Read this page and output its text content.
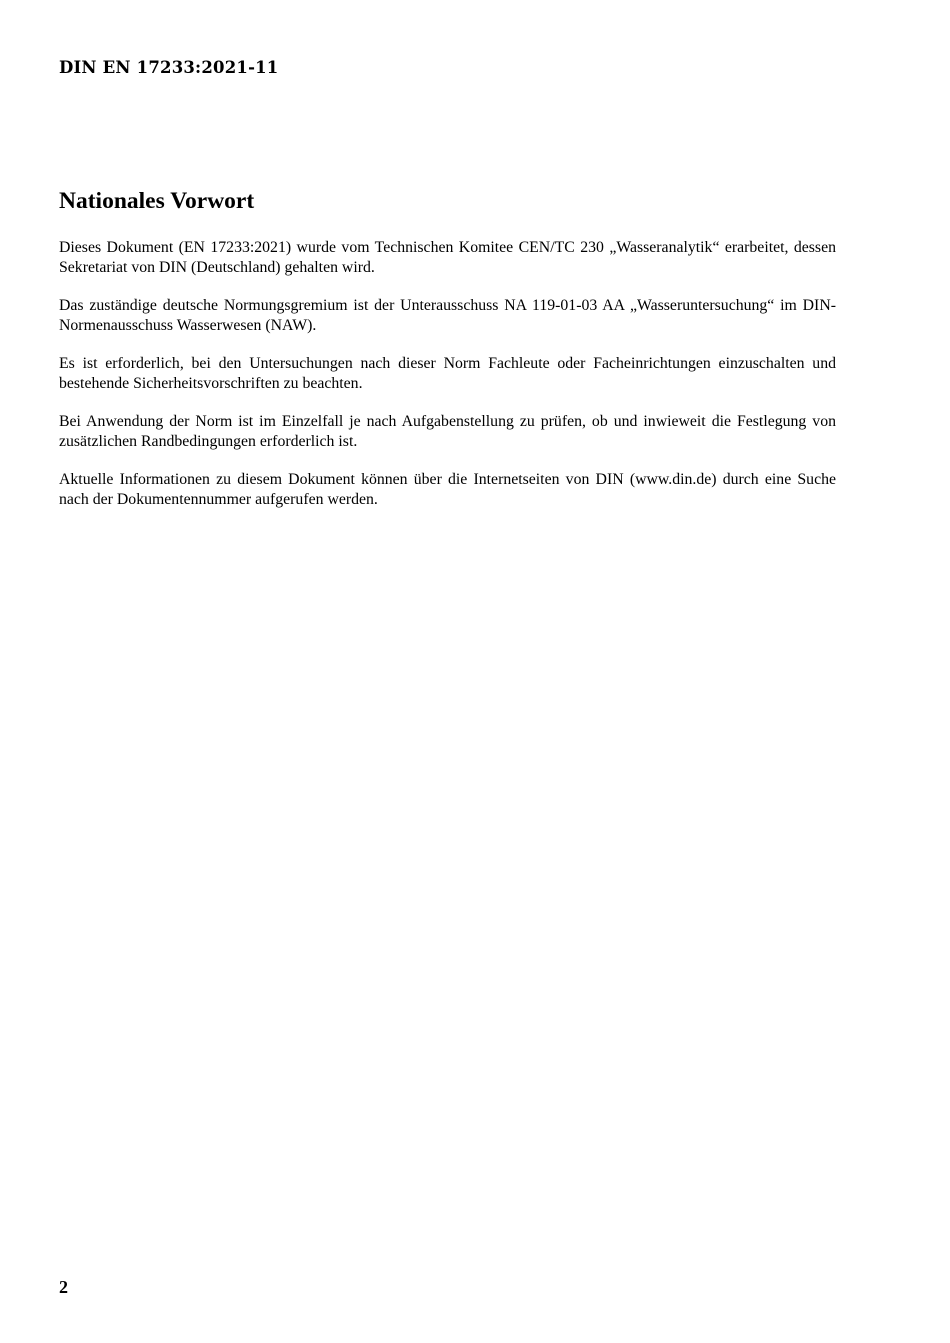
DIN EN 17233:2021-11
Nationales Vorwort

Dieses Dokument (EN 17233:2021) wurde vom Technischen Komitee CEN/TC 230 „Wasseranalytik“ erarbeitet, dessen Sekretariat von DIN (Deutschland) gehalten wird.

Das zuständige deutsche Normungsgremium ist der Unterausschuss NA 119-01-03 AA „Wasseruntersuchung“ im DIN-Normenausschuss Wasserwesen (NAW).

Es ist erforderlich, bei den Untersuchungen nach dieser Norm Fachleute oder Facheinrichtungen einzuschalten und bestehende Sicherheitsvorschriften zu beachten.

Bei Anwendung der Norm ist im Einzelfall je nach Aufgabenstellung zu prüfen, ob und inwieweit die Festlegung von zusätzlichen Randbedingungen erforderlich ist.

Aktuelle Informationen zu diesem Dokument können über die Internetseiten von DIN (www.din.de) durch eine Suche nach der Dokumentennummer aufgerufen werden.

2
